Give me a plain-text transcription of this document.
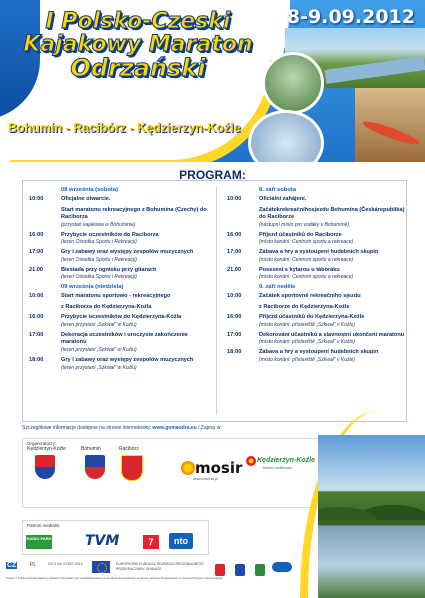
I Polsko-Czeski
Kajakowy Maraton
Odrzański
8-9.09.2012
Bohumin - Racibórz - Kędzierzyn-Koźle
PROGRAM:
08 września (sobota)
10:00	Oficjalne otwarcie.
Start maratonu rekreacyjnego z Bohumina (Czechy) do Raciborza
(przystań kajakowa w Bohuminie)
16:00	Przybycie uczestników do Raciborza
(teren Ośrodka Sportu i Rekreacji)
17:00	Gry i zabawy oraz występy zespołów muzycznych
(teren Ośrodka Sportu i Rekreacji)
21.00	Biesiada przy ognisku przy gitarach
(teren Ośrodka Sportu i Rekreacji)
09 września (niedziela)
10:00	Start maratonu sportowo - rekreacyjnego
z Raciborza do Kędzierzyna-Koźla
16:00	Przybycie uczestników do Kędzierzyna-Koźla
(teren przystani „Szkwał" w Koźlu)
17:00	Dekoracja uczestników i uroczyste zakończenie maratonu
(teren przystani „Szkwał" w Koźlu)
18:00	Gry i zabawy oraz występy zespołów muzycznych
(teren przystani „Szkwał" w Koźlu)
8. září sobota
10:00	Oficiální zahájení.
Začátekrekreačníhosjezdu Bohumína (Českárepublika) do Raciborze
(nástupní místo pro vodáky v Bohumíně)
16:00	Příjezd účastníků do Raciborze
(místo konání: Centrum sportu a rekreace)
17:00	Zábava a hry a vystoupení hudebních skupin
(místo konání: Centrum sportu a rekreace)
21.00	Posezení s kytarou u táboráku
(místo konání: Centrum sportu a rekreace)
9. září neděle
10:00	Začátek sportovně rekreačního sjezdu
z Raciborze do Kędzierzyna-Koźle
16:00	Příjezd účastníků do Kędzierzyna-Koźle
(místo konání: přístaviště „Szkwał" v Koźle)
17:00	Dekorování účastníků a slavnostní ukončení maratonu
(místo konání: přístaviště „Szkwał" v Koźle)
18:00	Zábava a hry a vystoupení hudebních skupin
(místo konání: přístaviště „Szkwał" v Koźle)
Szczegółowe informacje dostępne na stronie internetowej: www.gomaodra.eu / Zapisy w
Organizatorzy:
Kędzierzyn-Koźle	Bohumin	Racibórz
mosir
www.mosir.kk.pl
Kędzierzyn-Koźle
Miasto możliwości
Patroni medialni:
RADIO PARK TVM	7	nto
CZ	PL	OZ 3 Cel 3 2007-2013	EUROPEJSKI FUNDUSZ ROZWOJU REGIONALNEGO PRZEKRACZAMY GRANICE
Projekt "I Polsko-Czeski Kajakowy Maraton Odrzański" jest współfinansowany ze środków Europejskiego Funduszu Rozwoju Regionalnego w ramach Programu Operacyjnego
